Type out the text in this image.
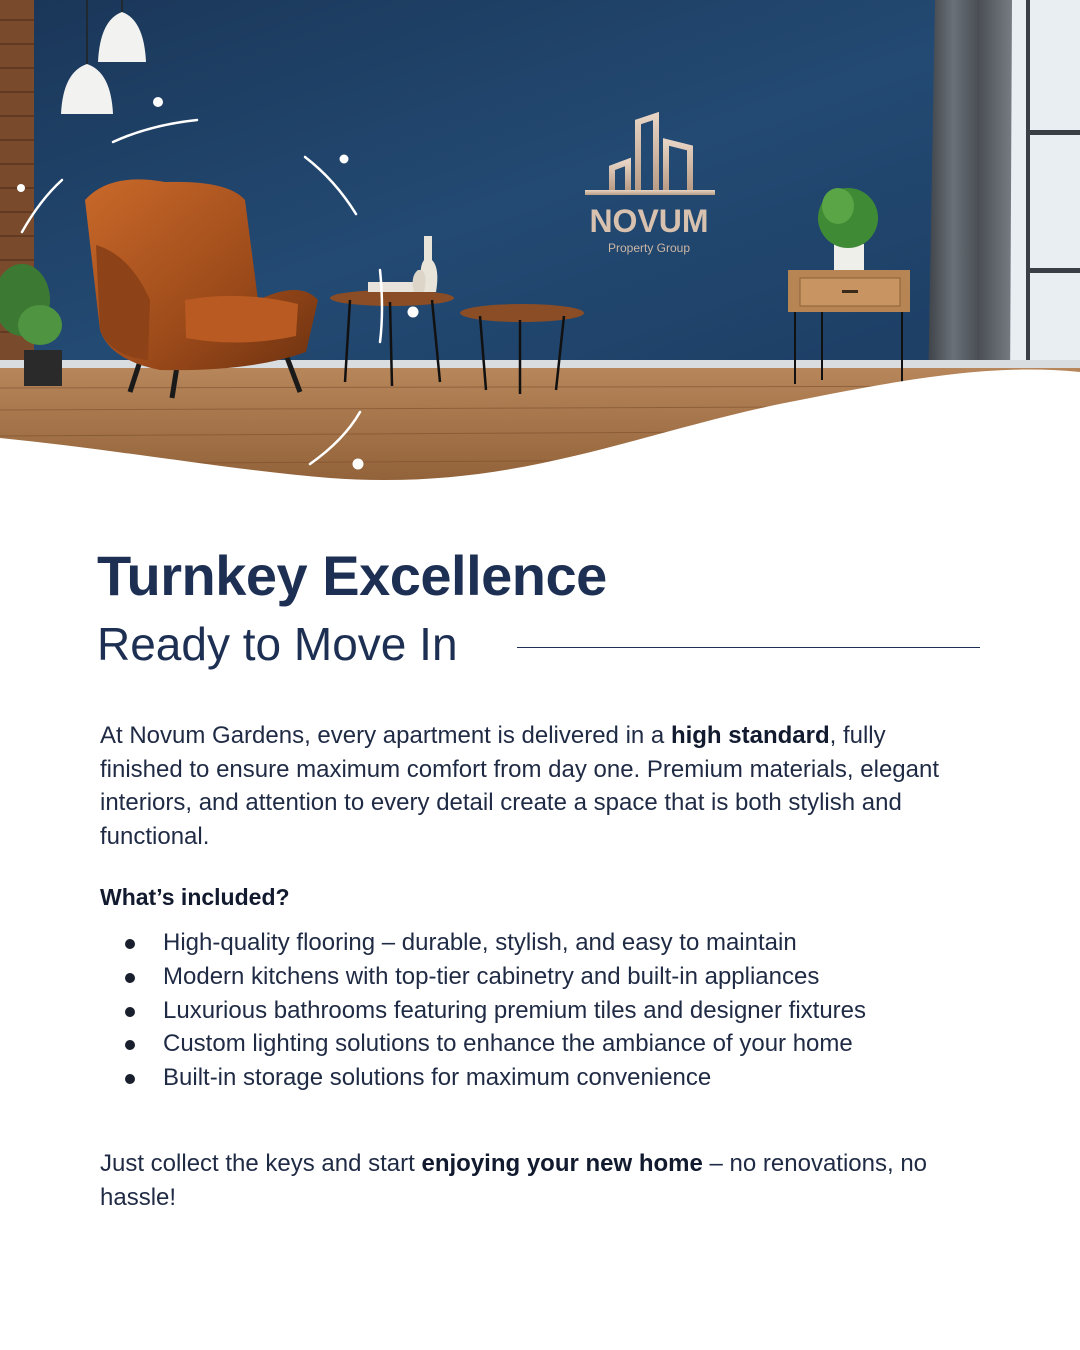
NOVUM
Property Group
Turnkey Excellence
Ready to Move In

At Novum Gardens, every apartment is delivered in a high standard, fully finished to ensure maximum comfort from day one. Premium materials, elegant interiors, and attention to every detail create a space that is both stylish and functional.

What’s included?
High-quality flooring – durable, stylish, and easy to maintain
Modern kitchens with top-tier cabinetry and built-in appliances
Luxurious bathrooms featuring premium tiles and designer fixtures
Custom lighting solutions to enhance the ambiance of your home
Built-in storage solutions for maximum convenience

Just collect the keys and start enjoying your new home – no renovations, no hassle!
